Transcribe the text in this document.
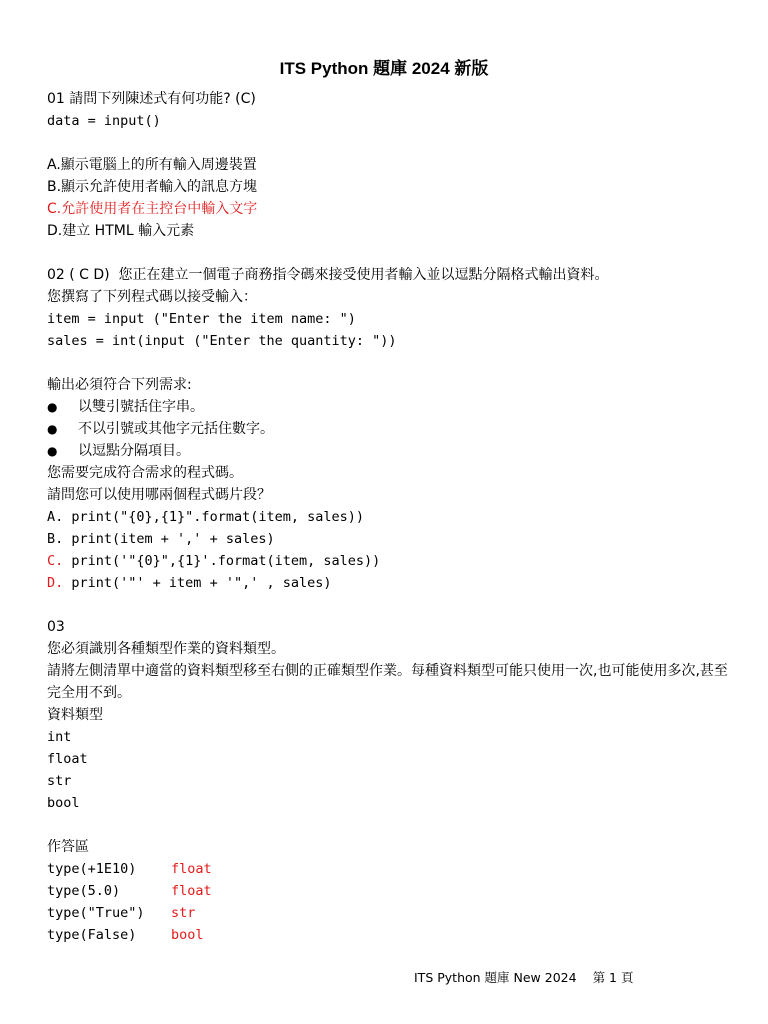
ITS Python 題庫 2024 新版
01 請問下列陳述式有何功能? (C)
data = input()
A.顯示電腦上的所有輸入周邊裝置
B.顯示允許使用者輸入的訊息方塊
C.允許使用者在主控台中輸入文字
D.建立 HTML 輸入元素
02 ( C D)  您正在建立一個電子商務指令碼來接受使用者輸入並以逗點分隔格式輸出資料。
您撰寫了下列程式碼以接受輸入：
item = input ("Enter the item name: ")
sales = int(input ("Enter the quantity: "))
輸出必須符合下列需求:
● 以雙引號括住字串。
● 不以引號或其他字元括住數字。
● 以逗點分隔項目。
您需要完成符合需求的程式碼。
請問您可以使用哪兩個程式碼片段？
A. print("{0},{1}".format(item, sales))
B. print(item + ',' + sales)
C. print('"{0}",{1}'.format(item, sales))
D. print('"' + item + '",' , sales)
03
您必須識別各種類型作業的資料類型。
請將左側清單中適當的資料類型移至右側的正確類型作業。每種資料類型可能只使用一次,也可能使用多次,甚至完全用不到。
資料類型
int
float
str
bool
作答區
type(+1E10)	float
type(5.0)	float
type("True")	str
type(False)	bool
ITS Python 題庫 New 2024 第 1 頁
